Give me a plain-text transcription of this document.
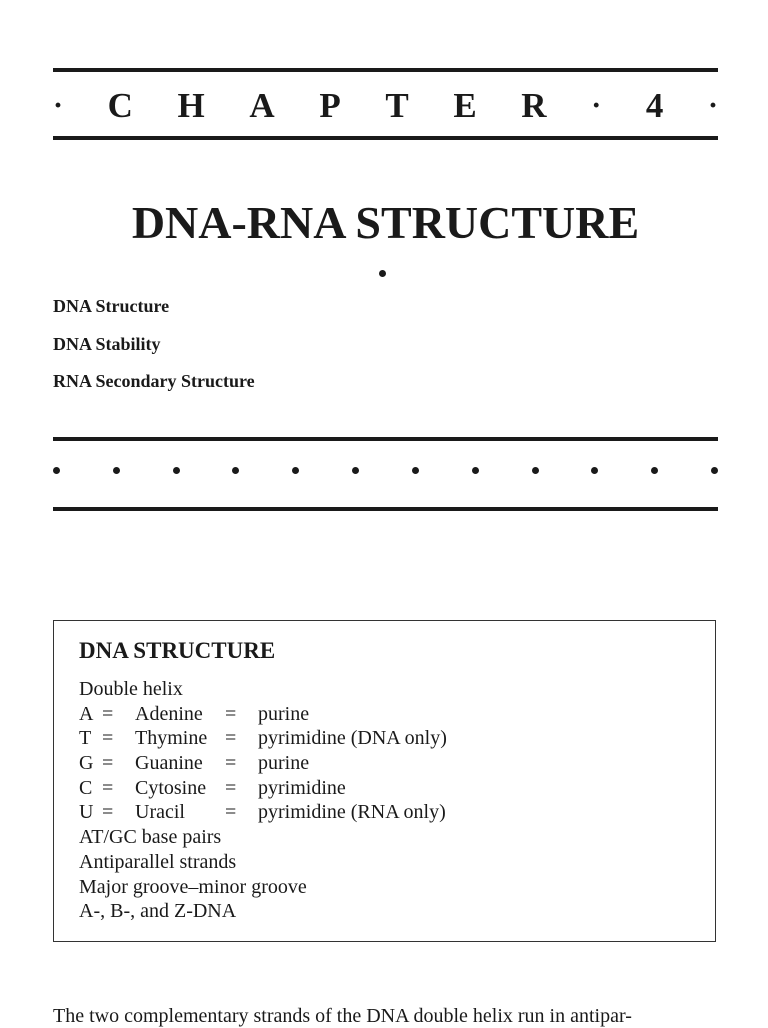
· C H A P T E R · 4 ·
DNA-RNA STRUCTURE
DNA Structure
DNA Stability
RNA Secondary Structure
DNA STRUCTURE
Double helix
A =	Adenine	=	purine
T =	Thymine =	pyrimidine (DNA only)
G =	Guanine	=	purine
C =	Cytosine =	pyrimidine
U =	Uracil	=	pyrimidine (RNA only)
AT/GC base pairs
Antiparallel strands
Major groove–minor groove
A-, B-, and Z-DNA

The two complementary strands of the DNA double helix run in antipar-
